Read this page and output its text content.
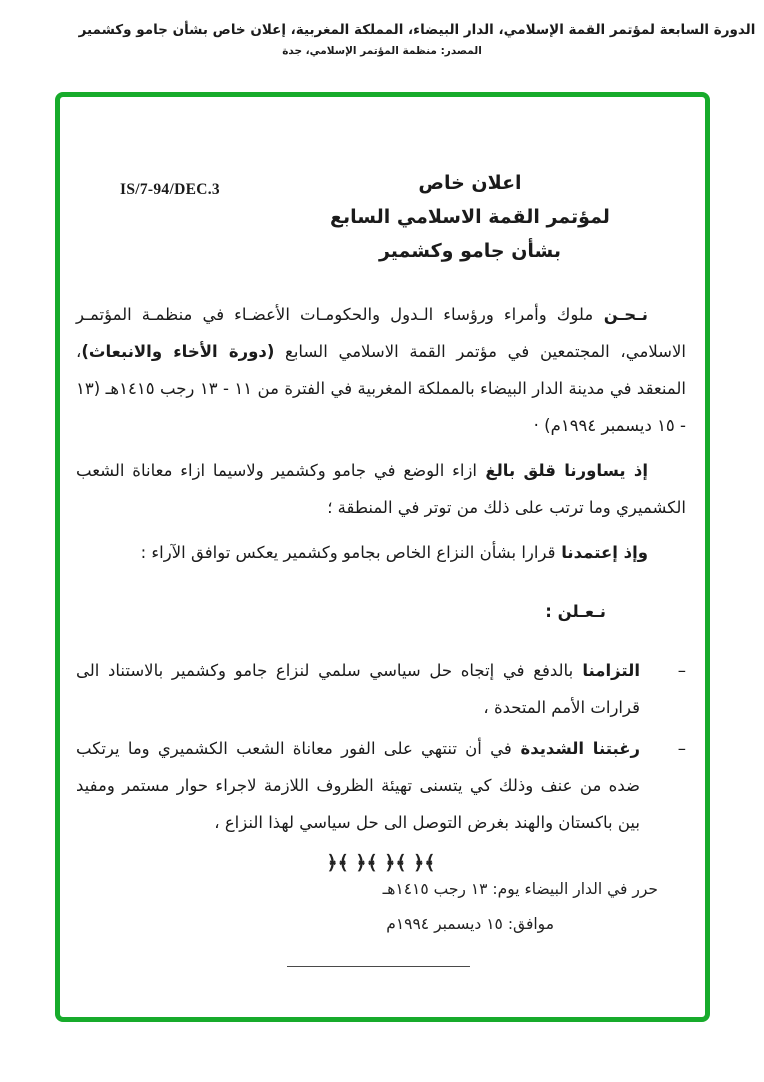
الدورة السابعة لمؤتمر القمة الإسلامي، الدار البيضاء، المملكة المغربية، إعلان خاص بشأن جامو وكشمير
المصدر: منظمة المؤتمر الإسلامي، جدة
IS/7-94/DEC.3	اعلان خاص
لمؤتمر القمة الاسلامي السابع
بشأن جامو وكشمير

نـحـن ملوك وأمراء ورؤساء الـدول والحكومـات الأعضـاء في منظمـة المؤتمـر الاسلامي، المجتمعين في مؤتمر القمة الاسلامي السابع (دورة الأخاء والانبعاث)، المنعقد في مدينة الدار البيضاء بالمملكة المغربية في الفترة من ١١ - ١٣ رجب ١٤١٥هـ (١٣ - ١٥ ديسمبر ١٩٩٤م) ·

إذ يساورنا قلق بالغ ازاء الوضع في جامو وكشمير ولاسيما ازاء معاناة الشعب الكشميري وما ترتب على ذلك من توتر في المنطقة ؛

وإذ إعتمدنا قرارا بشأن النزاع الخاص بجامو وكشمير يعكس توافق الآراء :

نـعـلن :
–
التزامنا بالدفع في إتجاه حل سياسي سلمي لنزاع جامو وكشمير بالاستناد الى قرارات الأمم المتحدة ،
–
رغبتنا الشديدة في أن تنتهي على الفور معاناة الشعب الكشميري وما يرتكب ضده من عنف وذلك كي يتسنى تهيئة الظروف اللازمة لاجراء حوار مستمر ومفيد بين باكستان والهند بغرض التوصل الى حل سياسي لهذا النزاع ،
﴾﴿ ﴾﴿ ﴾﴿ ﴾﴿
حرر في الدار البيضاء يوم: ١٣ رجب ١٤١٥هـ
موافق: ١٥ ديسمبر ١٩٩٤م
